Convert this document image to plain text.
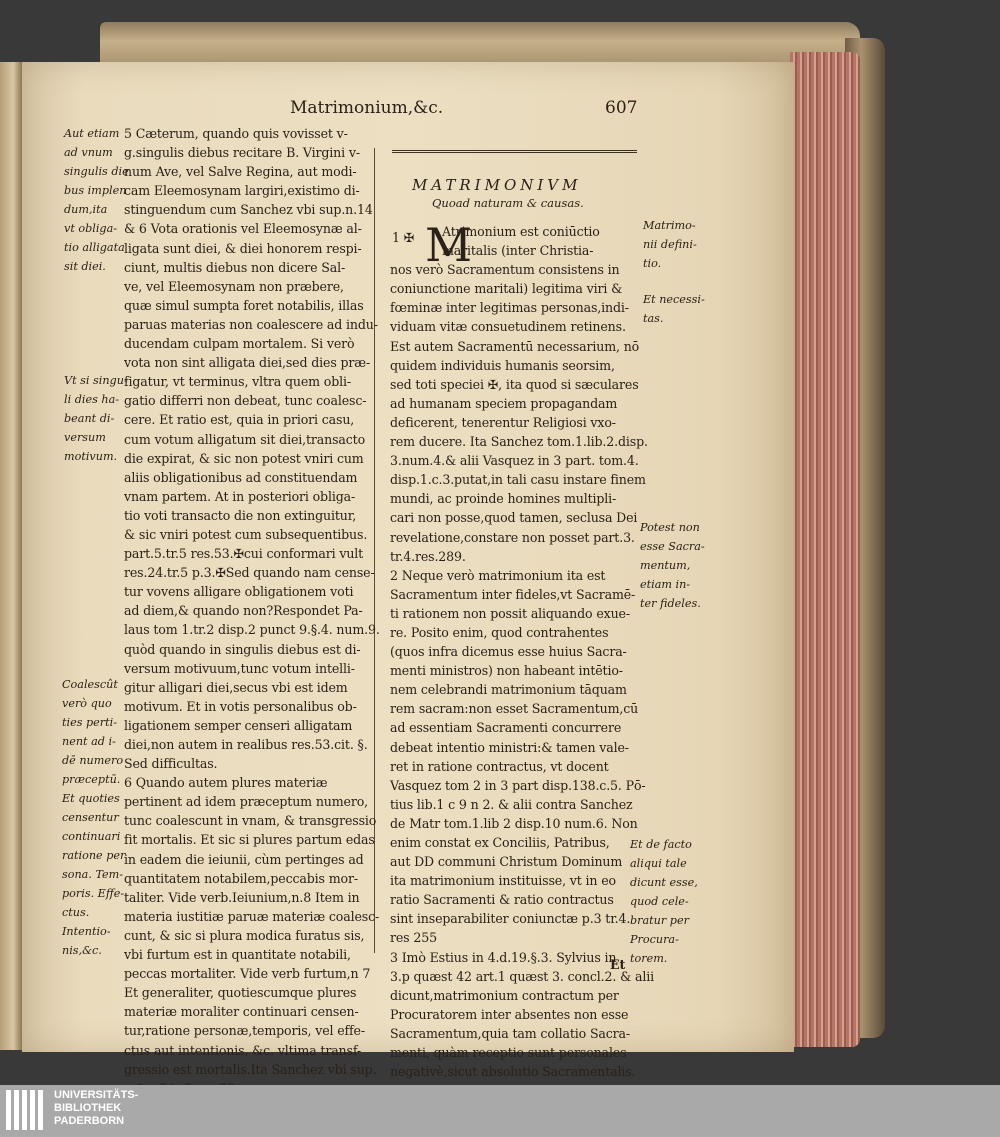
Matrimonium,&c.	607
Aut etiam
ad vnum
singulis die
bus implen
dum,ita
vt obliga-
tio alligata
sit diei.
Vt si singu-
li dies ha-
beant di-
versum
motivum.
Coalescût
verò quo
ties perti-
nent ad i-
dē numero
præceptū.
Et quoties
censentur
continuari
ratione per
sona. Tem-
poris. Effe-
ctus.
Intentio-
nis,&c.
5 Cæterum, quando quis vovisset v-
g.singulis diebus recitare B. Virgini v-
num Ave, vel Salve Regina, aut modi-
cam Eleemosynam largiri,existimo di-
stinguendum cum Sanchez vbi sup.n.14
& 6 Vota orationis vel Eleemosynæ al-
ligata sunt diei, & diei honorem respi-
ciunt, multis diebus non dicere Sal-
ve, vel Eleemosynam non præbere,
quæ simul sumpta foret notabilis, illas
paruas materias non coalescere ad indu-
ducendam culpam mortalem. Si verò
vota non sint alligata diei,sed dies præ-
figatur, vt terminus, vltra quem obli-
gatio differri non debeat, tunc coalesc-
cere. Et ratio est, quia in priori casu,
cum votum alligatum sit diei,transacto
die expirat, & sic non potest vniri cum
aliis obligationibus ad constituendam
vnam partem. At in posteriori obliga-
tio voti transacto die non extinguitur,
& sic vniri potest cum subsequentibus.
part.5.tr.5 res.53.✠cui conformari vult
res.24.tr.5 p.3.✠Sed quando nam cense-
tur vovens alligare obligationem voti
ad diem,& quando non?Respondet Pa-
laus tom 1.tr.2 disp.2 punct 9.§.4. num.9.
quòd quando in singulis diebus est di-
versum motivuum,tunc votum intelli-
gitur alligari diei,secus vbi est idem
motivum. Et in votis personalibus ob-
ligationem semper censeri alligatam
diei,non autem in realibus res.53.cit. §.
Sed difficultas.
6 Quando autem plures materiæ
pertinent ad idem præceptum numero,
tunc coalescunt in vnam, & transgressio
fit mortalis. Et sic si plures partum edas
in eadem die ieiunii, cùm pertinges ad
quantitatem notabilem,peccabis mor-
taliter. Vide verb.Ieiunium,n.8 Item in
materia iustitiæ paruæ materiæ coalesc-
cunt, & sic si plura modica furatus sis,
vbi furtum est in quantitate notabili,
peccas mortaliter. Vide verb furtum,n 7
Et generaliter, quotiescumque plures
materiæ moraliter continuari censen-
tur,ratione personæ,temporis, vel effe-
ctus aut intentionis, &c. vltima transf-
gressio est mortalis.Ita Sanchez vbi sup.
MATRIMONIVM
Quoad naturam & causas.
1 ✠ M
Atrimonium est coniūctio
maritalis (inter Christia-
nos verò Sacramentum consistens in
coniunctione maritali) legitima viri &
fœminæ inter legitimas personas,indi-
viduam vitæ consuetudinem retinens.
Est autem Sacramentū necessarium, nō
quidem individuis humanis seorsim,
sed toti speciei ✠, ita quod si sæculares
ad humanam speciem propagandam
deficerent, tenerentur Religiosi vxo-
rem ducere. Ita Sanchez tom.1.lib.2.disp.
3.num.4.& alii Vasquez in 3 part. tom.4.
disp.1.c.3.putat,in tali casu instare finem
mundi, ac proinde homines multipli-
cari non posse,quod tamen, seclusa Dei
revelatione,constare non posset part.3.
tr.4.res.289.
2 Neque verò matrimonium ita est
Sacramentum inter fideles,vt Sacramē-
ti rationem non possit aliquando exue-
re. Posito enim, quod contrahentes
(quos infra dicemus esse huius Sacra-
menti ministros) non habeant intētio-
nem celebrandi matrimonium tāquam
rem sacram:non esset Sacramentum,cū
ad essentiam Sacramenti concurrere
debeat intentio ministri:& tamen vale-
ret in ratione contractus, vt docent
Vasquez tom 2 in 3 part disp.138.c.5. Pō-
tius lib.1 c 9 n 2. & alii contra Sanchez
de Matr tom.1.lib 2 disp.10 num.6. Non
enim constat ex Conciliis, Patribus,
aut DD communi Christum Dominum
ita matrimonium instituisse, vt in eo
ratio Sacramenti & ratio contractus
sint inseparabiliter coniunctæ p.3 tr.4.
res 255
3 Imò Estius in 4.d.19.§.3. Sylvius in
3.p quæst 42 art.1 quæst 3. concl.2. & alii
dicunt,matrimonium contractum per
Procuratorem inter absentes non esse
Sacramentum,quia tam collatio Sacra-
menti, quàm receptio sunt personales
negativè,sicut absolutio Sacramentalis.
Et
Matrimo-
nii defini-
tio.
Et necessi-
tas.
Potest non
esse Sacra-
mentum,
etiam in-
ter fideles.
Et de facto
aliqui tale
dicunt esse,
quod cele-
bratur per
Procura-
torem.
UNIVERSITÄTS-
BIBLIOTHEK
PADERBORN
